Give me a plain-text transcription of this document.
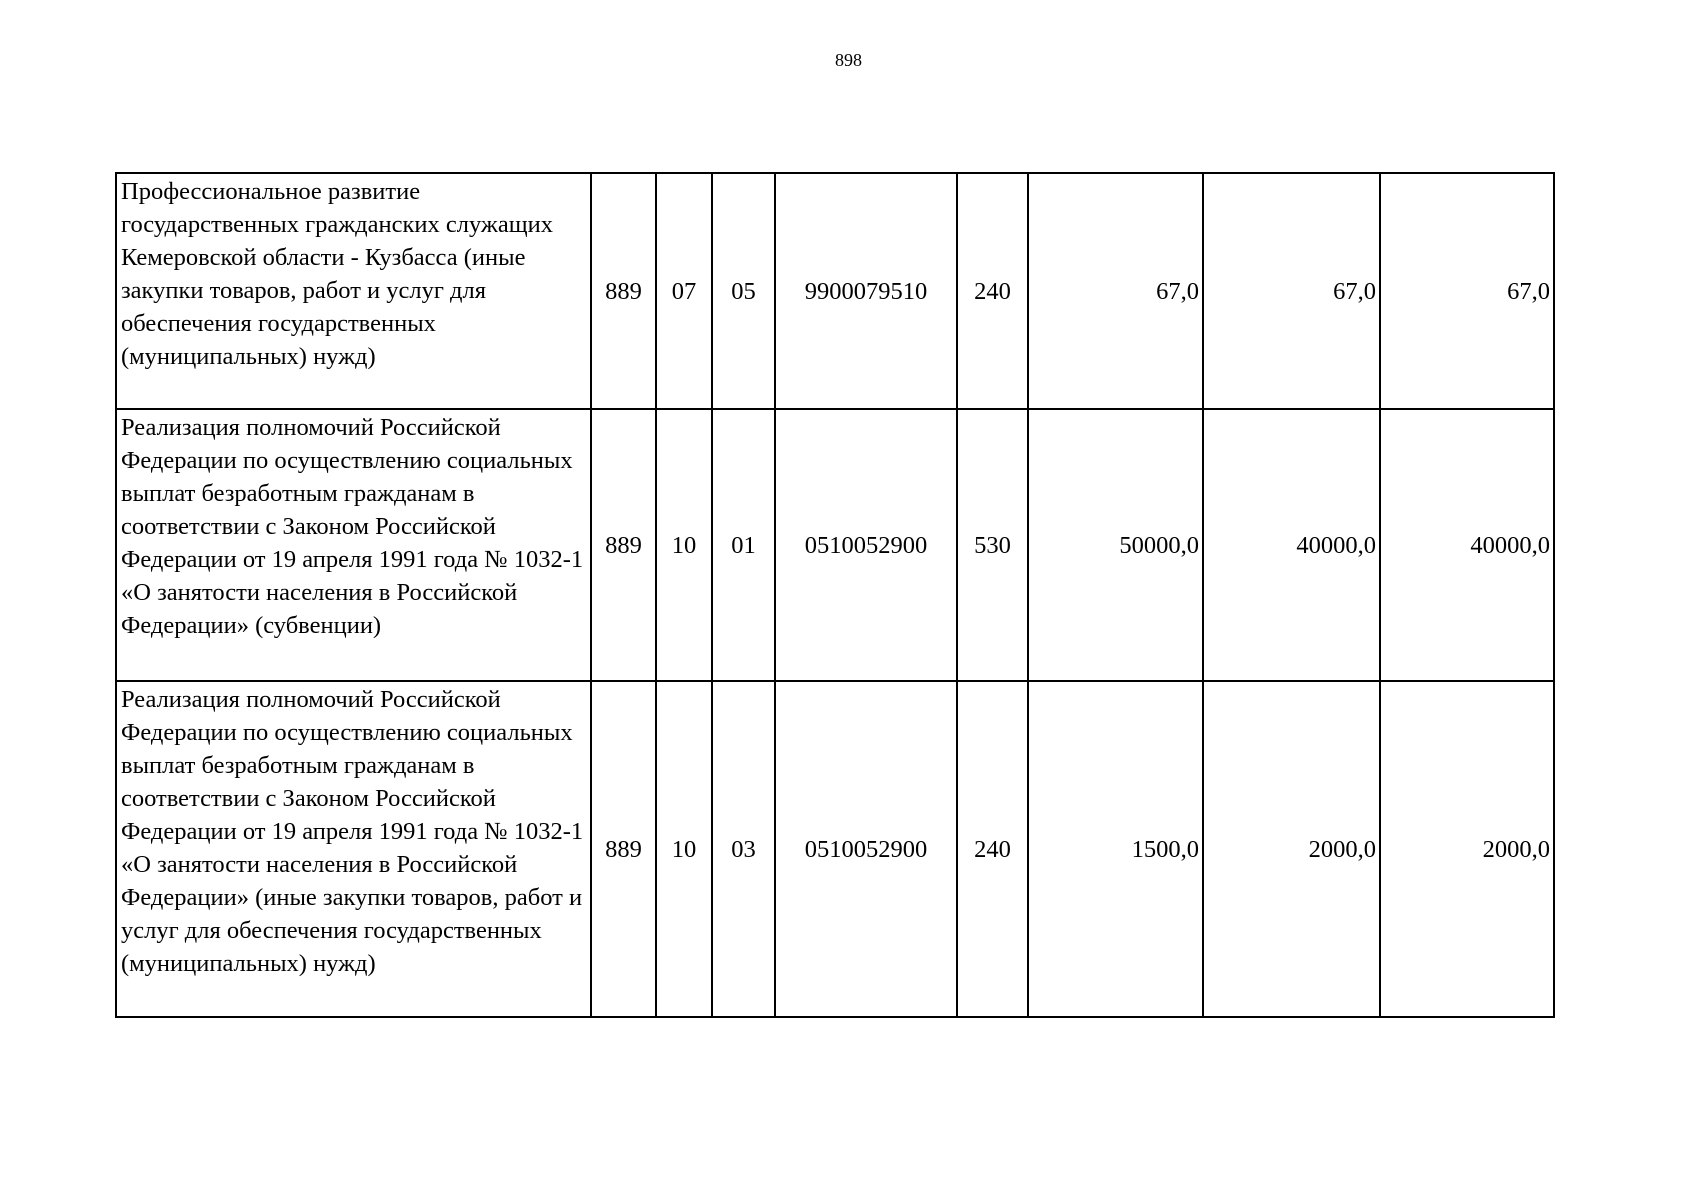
898
Профессиональное развитие государственных гражданских служащих Кемеровской области - Кузбасса (иные закупки товаров, работ и услуг для обеспечения государственных (муниципальных) нужд)	889	07	05	9900079510	240	67,0	67,0	67,0
Реализация полномочий Российской Федерации по осуществлению социальных выплат безработным гражданам в соответствии с Законом Российской Федерации от 19 апреля 1991 года № 1032-1 «О занятости населения в Российской Федерации» (субвенции)	889	10	01	0510052900	530	50000,0	40000,0	40000,0
Реализация полномочий Российской Федерации по осуществлению социальных выплат безработным гражданам в соответствии с Законом Российской Федерации от 19 апреля 1991 года № 1032-1 «О занятости населения в Российской Федерации» (иные закупки товаров, работ и услуг для обеспечения государственных (муниципальных) нужд)	889	10	03	0510052900	240	1500,0	2000,0	2000,0
